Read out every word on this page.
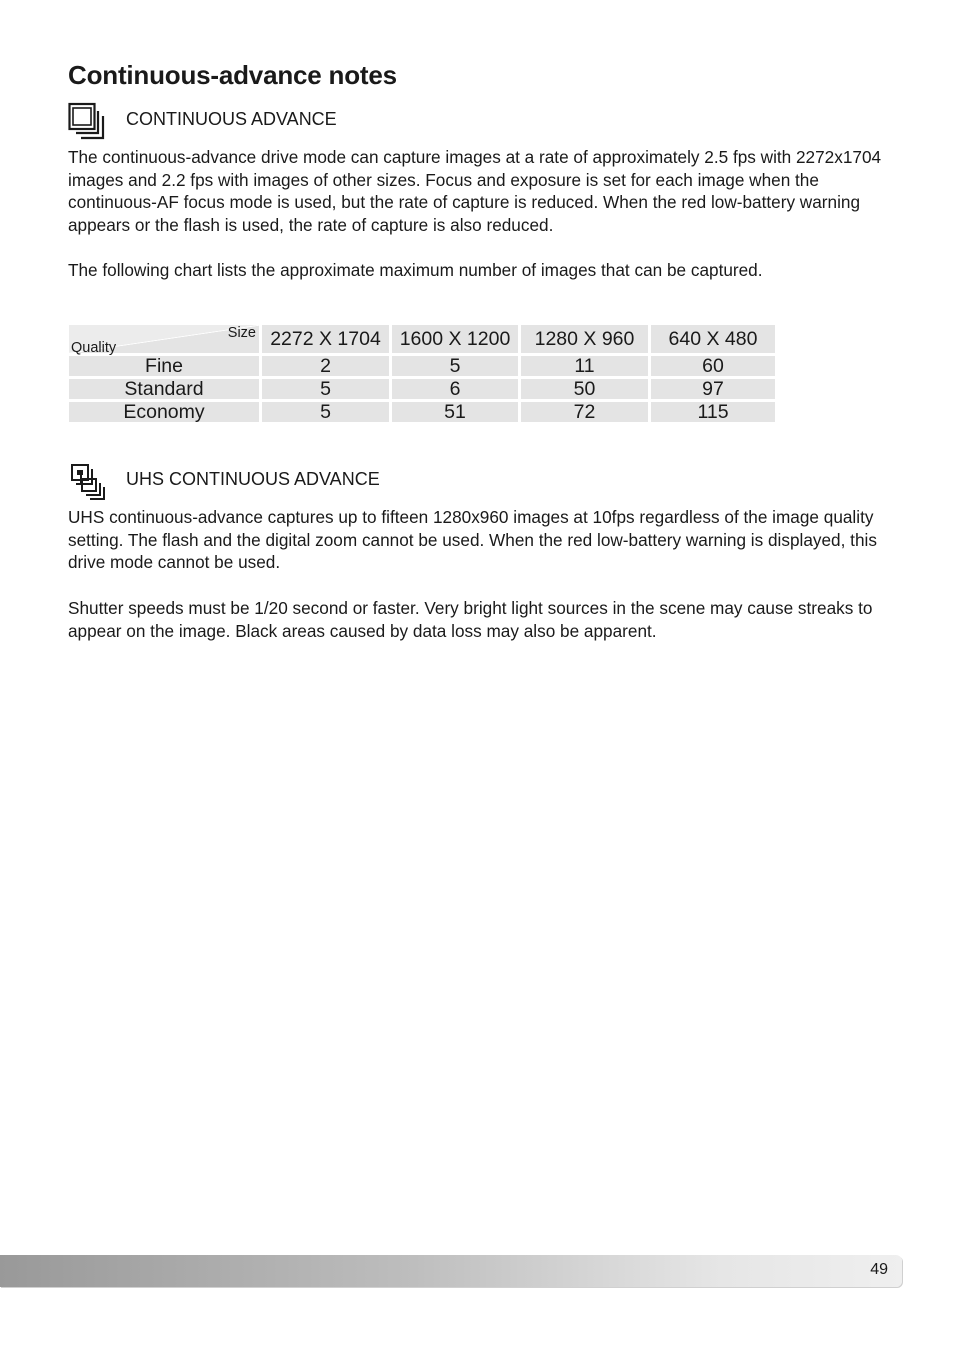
Continuous-advance notes
CONTINUOUS ADVANCE

The continuous-advance drive mode can capture images at a rate of approximately 2.5 fps with 2272x1704 images and 2.2 fps with images of other sizes. Focus and exposure is set for each image when the continuous-AF focus mode is used, but the rate of capture is reduced. When the red low-battery warning appears or the flash is used, the rate of capture is also reduced.

The following chart lists the approximate maximum number of images that can be captured.

Size
Quality	2272 X 1704	1600 X 1200	1280 X 960	640 X 480
Fine	2	5	11	60
Standard	5	6	50	97
Economy	5	51	72	115
UHS CONTINUOUS ADVANCE

UHS continuous-advance captures up to fifteen 1280x960 images at 10fps regardless of the image quality setting. The flash and the digital zoom cannot be used. When the red low-battery warning is displayed, this drive mode cannot be used.

Shutter speeds must be 1/20 second or faster. Very bright light sources in the scene may cause streaks to appear on the image. Black areas caused by data loss may also be apparent.

49
